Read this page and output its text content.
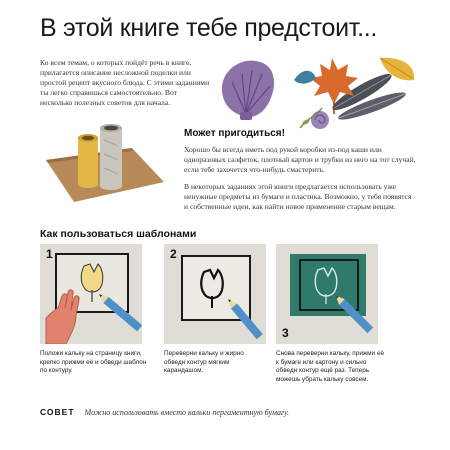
В этой книге тебе предстоит...
Ко всем темам, о которых пойдёт речь в книге, прилагается описание несложной поделки или простой рецепт вкусного блюда. С этими заданиями ты легко справишься самостоятельно. Вот несколько полезных советов для начала.
Может пригодиться!
Хорошо бы всегда иметь под рукой коробки из-под каши или одноразовых салфеток, плотный картон и трубки из него на тот случай, если тебе захочется что-нибудь смастерить.
В некоторых заданиях этой книги предлагается использовать уже ненужные предметы из бумаги и пластика. Возможно, у тебя появятся и собственные идеи, как найти новое применение старым вещам.
Как пользоваться шаблонами
1	2
3
Положи кальку на страницу книги, крепко прижми её и обведи шаблон по контуру.
Переверни кальку и жирно обведи контур мягким карандашом.
Снова переверни кальку, прижми её к бумаге или картону и сильно обведи контур ещё раз. Теперь можешь убрать кальку совсем.
СОВЕТ Можно использовать вместо кальки пергаментную бумагу.
